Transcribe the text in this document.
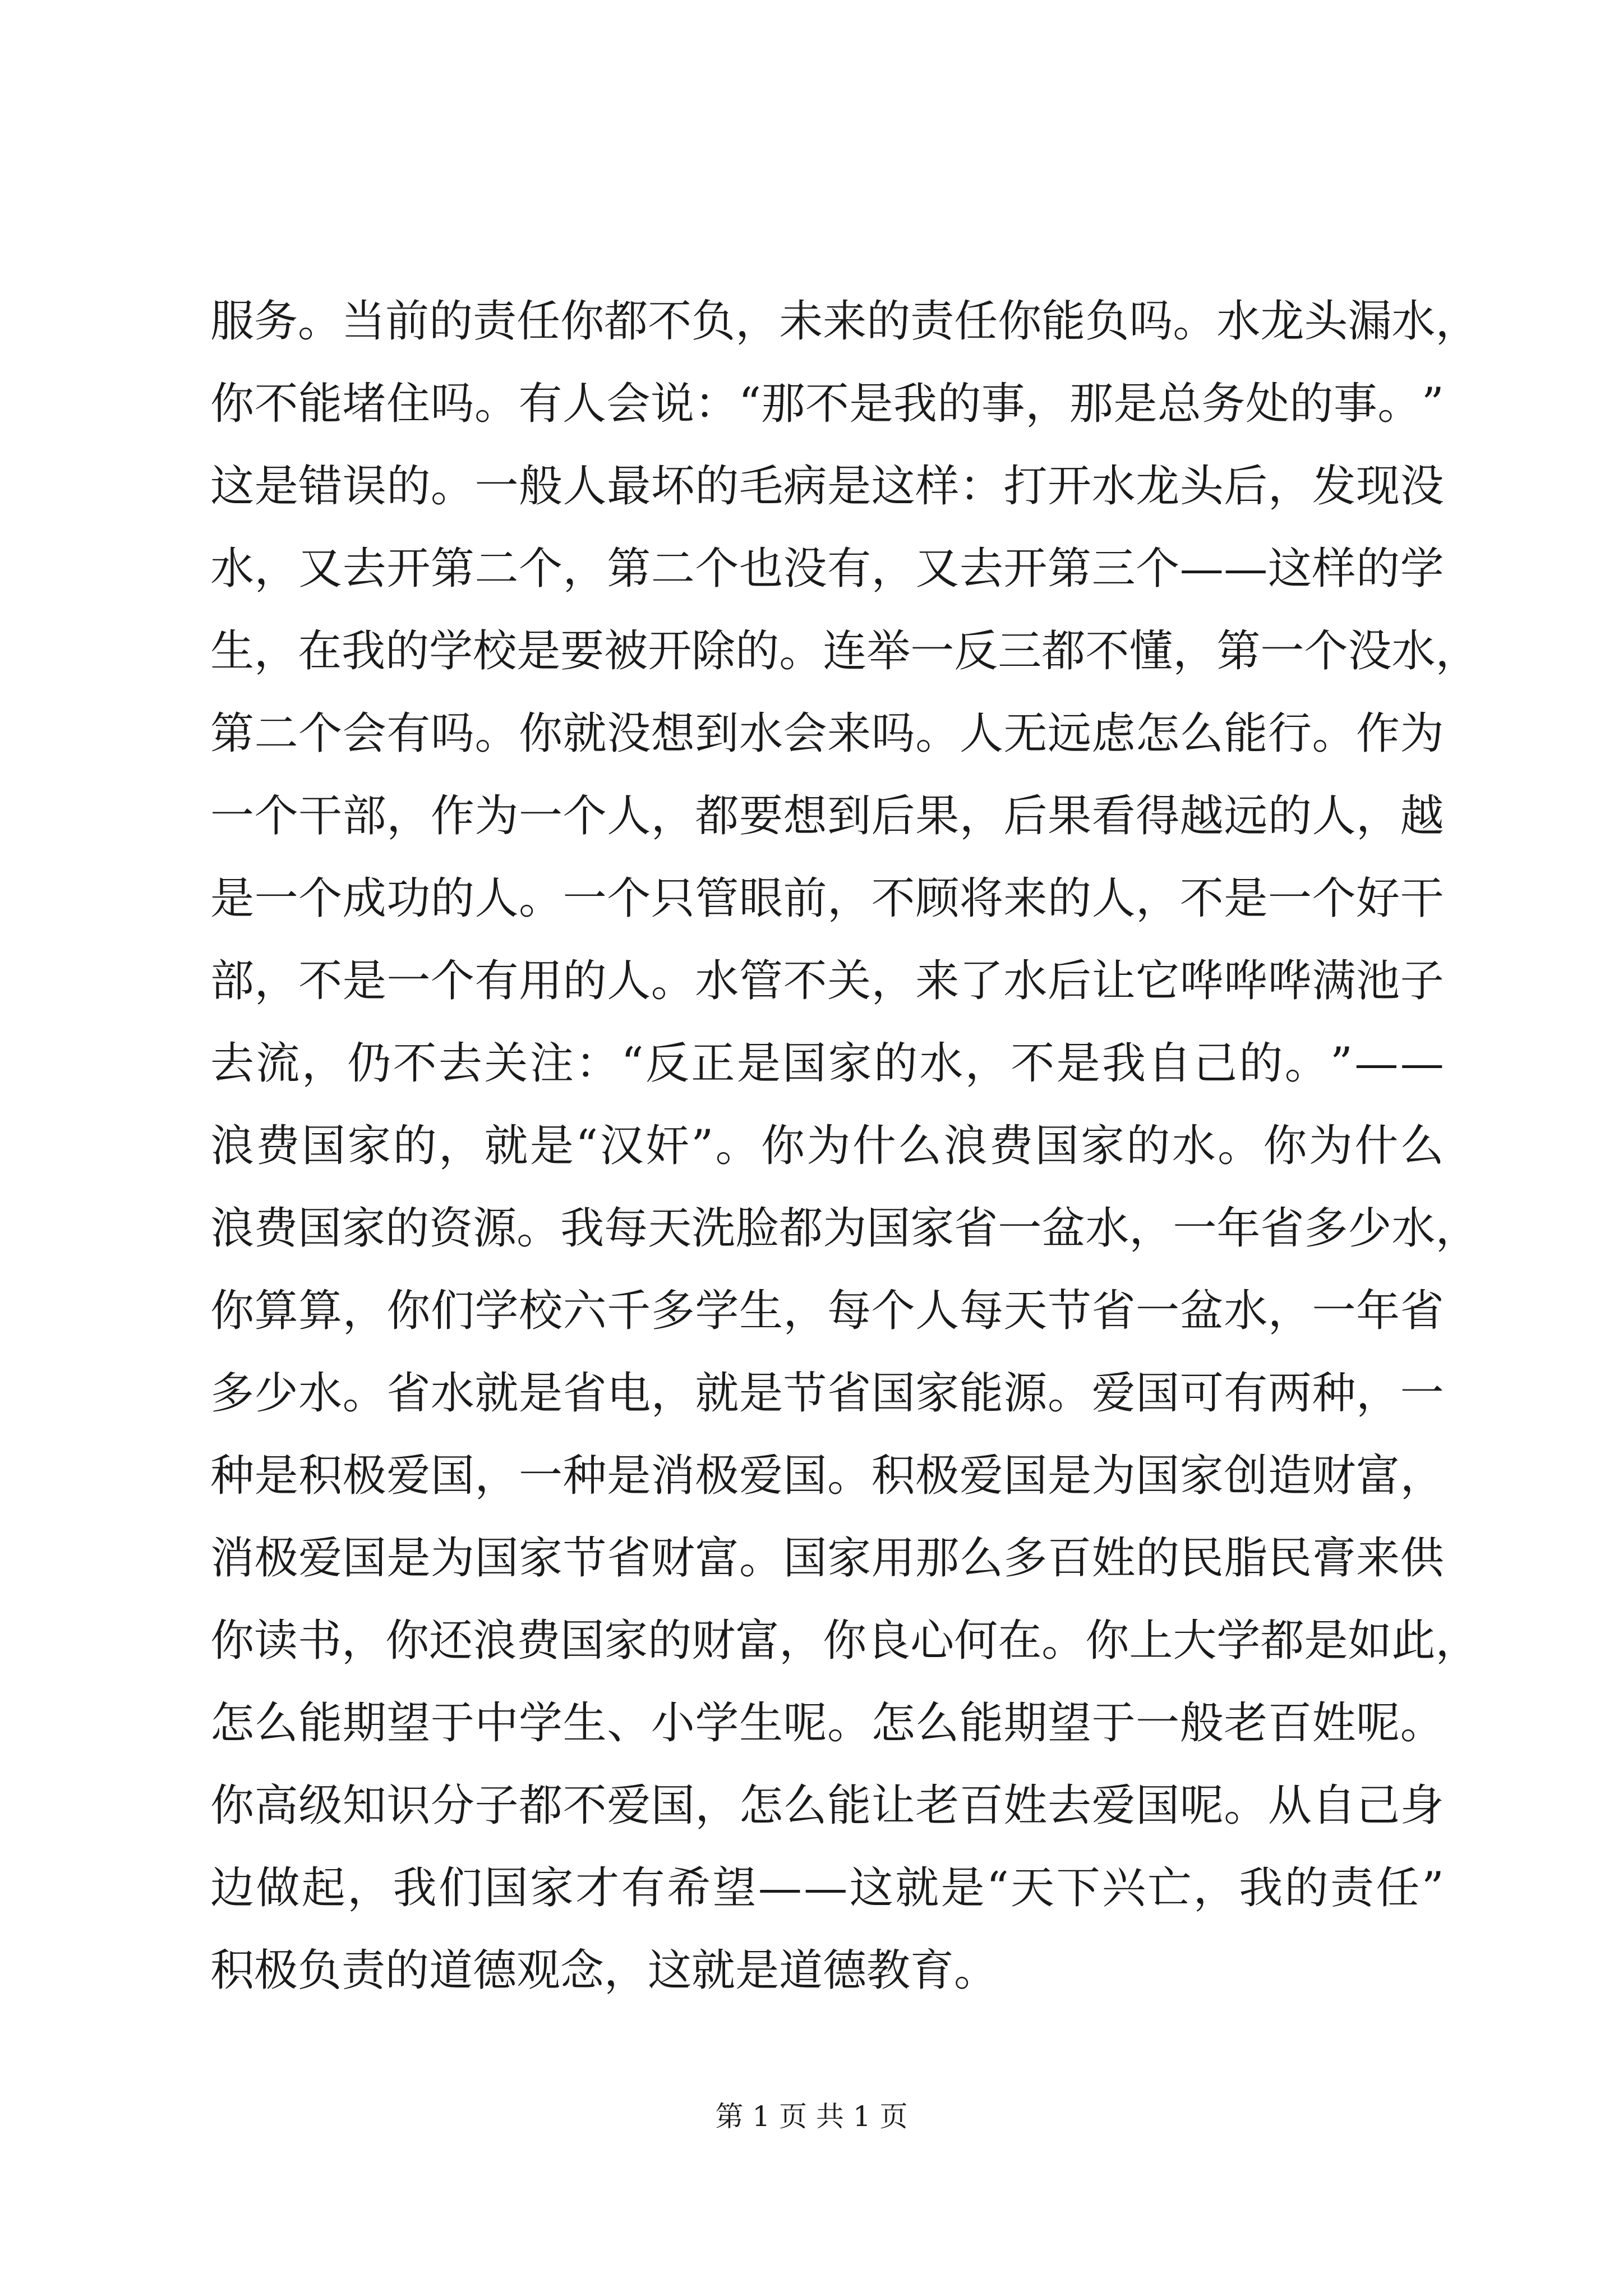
服 务 。 当 前 的 责 任 你 都 不 负 ， 未 来 的 责 任 你 能 负 吗 。 水 龙 头 漏 水 ，
你 不 能 堵 住 吗 。 有 人 会 说 ： “ 那 不 是 我 的 事 ， 那 是 总 务 处 的 事 。 ”
这 是 错 误 的 。 一 般 人 最 坏 的 毛 病 是 这 样 ： 打 开 水 龙 头 后 ， 发 现 没
水 ， 又 去 开 第 二 个 ， 第 二 个 也 没 有 ， 又 去 开 第 三 个 — — 这 样 的 学
生 ， 在 我 的 学 校 是 要 被 开 除 的 。 连 举 一 反 三 都 不 懂 ， 第 一 个 没 水 ，
第 二 个 会 有 吗 。 你 就 没 想 到 水 会 来 吗 。 人 无 远 虑 怎 么 能 行 。 作 为
一 个 干 部 ， 作 为 一 个 人 ， 都 要 想 到 后 果 ， 后 果 看 得 越 远 的 人 ， 越
是 一 个 成 功 的 人 。 一 个 只 管 眼 前 ， 不 顾 将 来 的 人 ， 不 是 一 个 好 干
部 ， 不 是 一 个 有 用 的 人 。 水 管 不 关 ， 来 了 水 后 让 它 哗 哗 哗 满 池 子
去 流 ， 仍 不 去 关 注 ： “ 反 正 是 国 家 的 水 ， 不 是 我 自 己 的 。 ” — —
浪 费 国 家 的 ， 就 是 “ 汉 奸 ” 。 你 为 什 么 浪 费 国 家 的 水 。 你 为 什 么
浪 费 国 家 的 资 源 。 我 每 天 洗 脸 都 为 国 家 省 一 盆 水 ， 一 年 省 多 少 水 ，
你 算 算 ， 你 们 学 校 六 千 多 学 生 ， 每 个 人 每 天 节 省 一 盆 水 ， 一 年 省
多 少 水 。 省 水 就 是 省 电 ， 就 是 节 省 国 家 能 源 。 爱 国 可 有 两 种 ， 一
种 是 积 极 爱 国 ， 一 种 是 消 极 爱 国 。 积 极 爱 国 是 为 国 家 创 造 财 富 ，
消 极 爱 国 是 为 国 家 节 省 财 富 。 国 家 用 那 么 多 百 姓 的 民 脂 民 膏 来 供
你 读 书 ， 你 还 浪 费 国 家 的 财 富 ， 你 良 心 何 在 。 你 上 大 学 都 是 如 此 ，
怎 么 能 期 望 于 中 学 生 、 小 学 生 呢 。 怎 么 能 期 望 于 一 般 老 百 姓 呢 。
你 高 级 知 识 分 子 都 不 爱 国 ， 怎 么 能 让 老 百 姓 去 爱 国 呢 。 从 自 己 身
边 做 起 ， 我 们 国 家 才 有 希 望 — — 这 就 是 “ 天 下 兴 亡 ， 我 的 责 任 ”
积极负责的道德观念，这就是道德教育。
第 1 页 共 1 页
